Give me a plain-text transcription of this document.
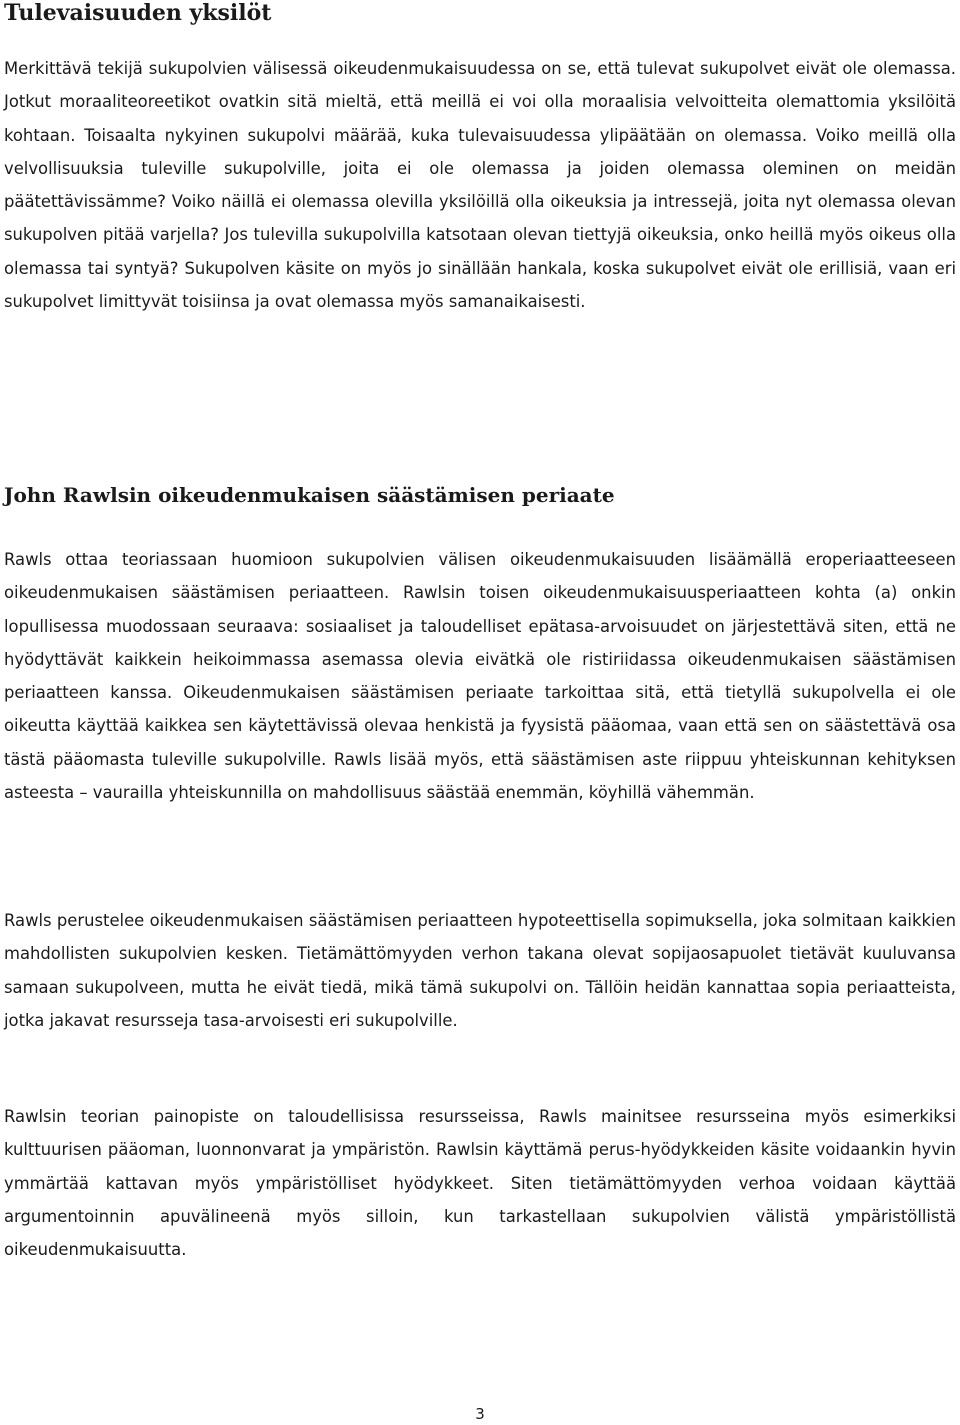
Tulevaisuuden yksilöt

Merkittävä tekijä sukupolvien välisessä oikeudenmukaisuudessa on se, että tulevat sukupolvet eivät ole olemassa. Jotkut moraaliteoreetikot ovatkin sitä mieltä, että meillä ei voi olla moraalisia velvoitteita olemattomia yksilöitä kohtaan. Toisaalta nykyinen sukupolvi määrää, kuka tulevaisuudessa ylipäätään on olemassa. Voiko meillä olla velvollisuuksia tuleville sukupolville, joita ei ole olemassa ja joiden olemassa oleminen on meidän päätettävissämme? Voiko näillä ei olemassa olevilla yksilöillä olla oikeuksia ja intressejä, joita nyt olemassa olevan sukupolven pitää varjella? Jos tulevilla sukupolvilla katsotaan olevan tiettyjä oikeuksia, onko heillä myös oikeus olla olemassa tai syntyä? Sukupolven käsite on myös jo sinällään hankala, koska sukupolvet eivät ole erillisiä, vaan eri sukupolvet limittyvät toisiinsa ja ovat olemassa myös samanaikaisesti.

John Rawlsin oikeudenmukaisen säästämisen periaate

Rawls ottaa teoriassaan huomioon sukupolvien välisen oikeudenmukaisuuden lisäämällä eroperiaatteeseen oikeudenmukaisen säästämisen periaatteen. Rawlsin toisen oikeudenmukaisuusperiaatteen kohta (a) onkin lopullisessa muodossaan seuraava: sosiaaliset ja taloudelliset epätasa-arvoisuudet on järjestettävä siten, että ne hyödyttävät kaikkein heikoimmassa asemassa olevia eivätkä ole ristiriidassa oikeudenmukaisen säästämisen periaatteen kanssa. Oikeudenmukaisen säästämisen periaate tarkoittaa sitä, että tietyllä sukupolvella ei ole oikeutta käyttää kaikkea sen käytettävissä olevaa henkistä ja fyysistä pääomaa, vaan että sen on säästettävä osa tästä pääomasta tuleville sukupolville. Rawls lisää myös, että säästämisen aste riippuu yhteiskunnan kehityksen asteesta – vaurailla yhteiskunnilla on mahdollisuus säästää enemmän, köyhillä vähemmän.

Rawls perustelee oikeudenmukaisen säästämisen periaatteen hypoteettisella sopimuksella, joka solmitaan kaikkien mahdollisten sukupolvien kesken. Tietämättömyyden verhon takana olevat sopijaosapuolet tietävät kuuluvansa samaan sukupolveen, mutta he eivät tiedä, mikä tämä sukupolvi on. Tällöin heidän kannattaa sopia periaatteista, jotka jakavat resursseja tasa-arvoisesti eri sukupolville.

Rawlsin teorian painopiste on taloudellisissa resursseissa, Rawls mainitsee resursseina myös esimerkiksi kulttuurisen pääoman, luonnonvarat ja ympäristön. Rawlsin käyttämä perus-hyödykkeiden käsite voidaankin hyvin ymmärtää kattavan myös ympäristölliset hyödykkeet. Siten tietämättömyyden verhoa voidaan käyttää argumentoinnin apuvälineenä myös silloin, kun tarkastellaan sukupolvien välistä ympäristöllistä oikeudenmukaisuutta.

3
